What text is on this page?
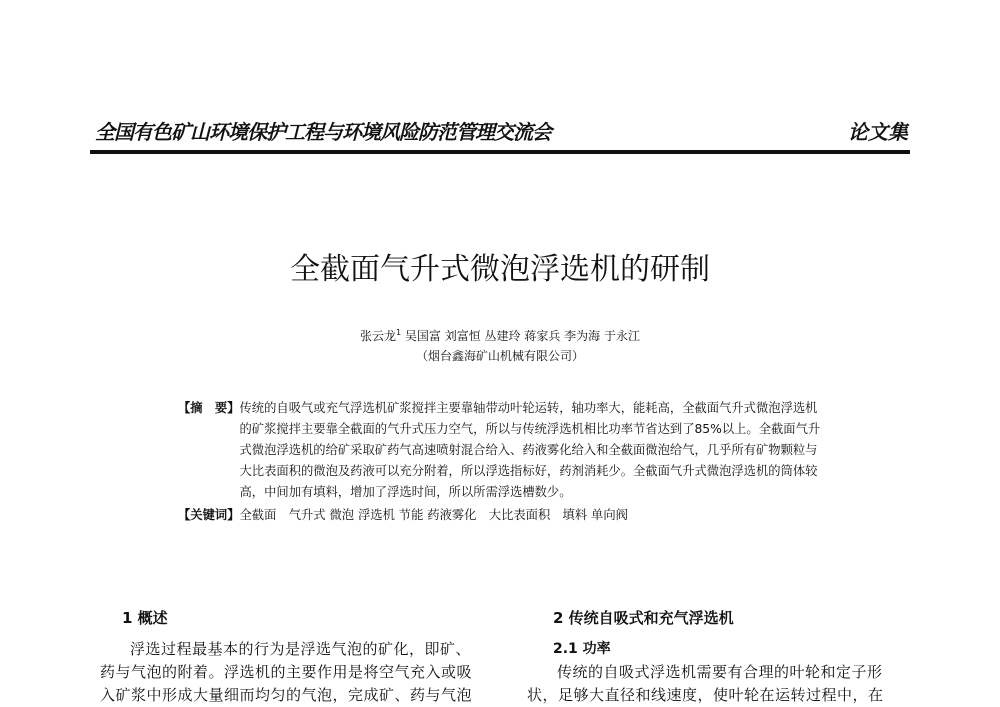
全国有色矿山环境保护工程与环境风险防范管理交流会	论文集
全截面气升式微泡浮选机的研制
张云龙$^1$ 吴国富 刘富恒 丛建玲 蒋家兵 李为海 于永江
（烟台鑫海矿山机械有限公司）
【摘　要】 传统的自吸气或充气浮选机矿浆搅拌主要靠轴带动叶轮运转，轴功率大，能耗高，全截面气升式微泡浮选机的矿浆搅拌主要靠全截面的气升式压力空气，所以与传统浮选机相比功率节省达到了85%以上。全截面气升式微泡浮选机的给矿采取矿药气高速喷射混合给入、药液雾化给入和全截面微泡给气，几乎所有矿物颗粒与大比表面积的微泡及药液可以充分附着，所以浮选指标好，药剂消耗少。全截面气升式微泡浮选机的筒体较高，中间加有填料，增加了浮选时间，所以所需浮选槽数少。
【关键词】全截面　气升式 微泡 浮选机 节能 药液雾化　大比表面积　填料 单向阀
1 概述
浮选过程最基本的行为是浮选气泡的矿化，即矿、药与气泡的附着。浮选机的主要作用是将空气充入或吸入矿浆中形成大量细而均匀的气泡，完成矿、药与气泡
2 传统自吸式和充气浮选机
2.1 功率
传统的自吸式浮选机需要有合理的叶轮和定子形状，足够大直径和线速度，使叶轮在运转过程中，在
